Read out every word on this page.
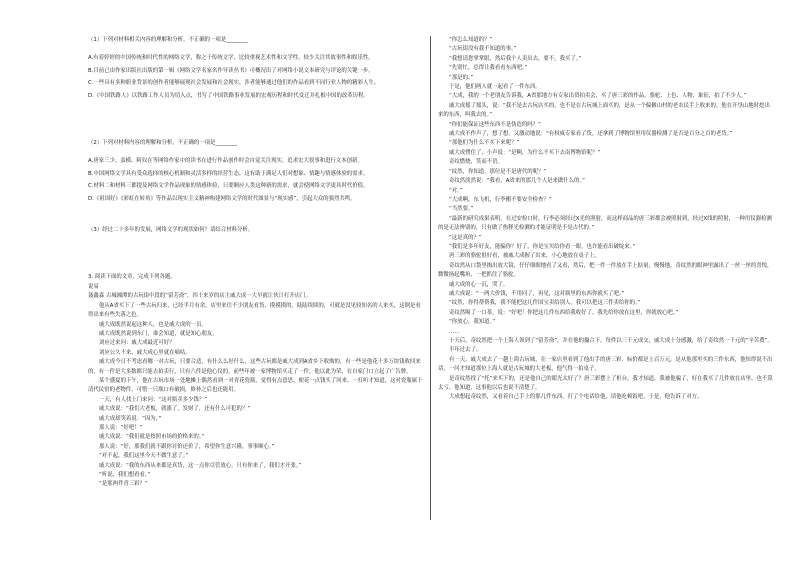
（1）下列对材料相关内容的理解和分析，不正确的一项是________
A.有着婷婷的中国传统和时代性的网络文学，称之于传统文学，比较重视艺术性和文学性，较少关注其故事性和娱乐性。
B.目前已由作家出版社出版的第一辑《网络文学名家名作导读丛书》可概况出了对网络小说文本研究与评论的关键一步。
C.一些具有多种职业背景的创作者能够展现社会发展和社会现实，涉者能够通过他们的作品看到不同行业人物的精彩人生。
D.《中国铁路人》以铁路工作人员为切入点，书写了中国铁路事业发展的宏观历程和时代变迁并扎根中国的改革历程。
（2）下列对材料内容的理解和分析，不正确的一项是________
A.唐家三少、蛮横、阿奴在等网络作家中的读书在进行作品创作时会自觉关注现实，追求宏大叙事和进行文本创新。
B.中国网络文学具有受众选择的核心机制和灵活多样的经营生态，这有助于满足人们对想象、情趣与情感体验的需求。
C.材料二和材料三都提及网络文学作品现象的情感体验，只要顺应人类这种新的需求，就会使网络文学更具时代价值。
D.《祖国好》《彩虹在转角》等作品以现实主义精神构建网络文学的时代图景与“现实感”，引起大众的强烈共鸣。
（3）经过二十多年的发展，网络文学的现状如何？请结合材料分析。
3. 阅读下面的文章，完成下列各题。
说易
聂鑫森 古城湘潭的古玩街中段的“留芳斋”，四十来岁的店主戚大成一大早就让伙计打开店门。
他从A省买下了一些古玩归来，已经半月有余，店里来往不少朋友看货，摸摸摸的，陆陆续续的，可就是没见较知名的人来买，这倒是看得出来有些失落之色。
戚大成既然说起这种人，也是戚大成的一员。
戚大成既然说到东门，谁会知道，就是知心朋友。
刘应过来问：戚大成最近可好？
刘应公久不来，戚大成心里就在嘀咕。
戚大成今日不考虑看哪一对古玩，只要合适，有什么么好什么，这些古玩都是戚大成到A省乡下收购的，有一些是他花十多万块钱收回来的，有一件是大多数都只能去拍卖行，只有六件是他心仪的，前些年被一家博物馆买走了一件，他以此为荣，在自家门口立起了广告牌。
某个盛夏的下午，他在古玩市场一处地摊上偶然看到一对青花瓷瓶，觉得有点意思，便花一点钱买了回来。一打听才知道，这对瓷瓶属于清代民窑的老物件，可惜一只瓶口有破损，修补之后也还能用。
一天，有人找上门来问：“这对瓶卖多少钱？”
戚大成说：“我们大老板，就涨了，发财了，还有什么可犯的？”
戚大成却笑着说：“因为，”
那人说：“好吧！”
戚大成说：“我们就是按照市场的价格来的。”
那人说：“好，那我们就不跟你讨价还价了，希望你生意兴隆，事事顺心。”
“对不起，我们这里今天不做生意了。”
戚大成说：“我的东西从来都是真货，这一点你尽管放心。只有你来了，我们才开张。”
“听说，我们想看看，”
“是那两件青三彩？”
“你怎么知道的？”
“古玩街没有我不知道的事。”
“我想请您掌掌眼，然后我个人卖出去，要不，我买了。”
“先别忙，总得让我看看东西吧。”
“那是的。”
于是，他们两人就一起看了一件东西。
“大成，我的一个老朋友告诉我，A省那地方有专家出资拍卖会，买了唐三彩的作品，骆驼、上色、人物、象征，拍了不少人。”
戚大成摇了摇头，说：“我不是去古玩店买的，也不是在古玩城上面买的，是从一个偏僻山村的老农民手上收来的。他在开垦山地时挖出来的东西，叫我去的。”
“你们能保证这些东西不是伪造的吗？”
戚大成不作声了，想了想，又激动地说：“有权威专家看了货，还拿到了博物馆里用仪器检测了是否是百分之百的老货。”
“那他们为什么不买下来呢？”
戚大成愣住了，小声说：“是啊，为什么不买下去南博物馆呢？”
奇纹燃烧，笑而不语。
“纹然，你知道，那位是不是唐代的呢？”
奇纹然淡然说：“我看，A省来的那几个人是来做什么的。”
“对。”
“大成啊，东飞机，行李搬不要安全检查？”
“当然要。”
“最新的研究成果表明，在过安检口时，行李必须经过X光的照射，而这样商品的唐三彩都会被照射到，经过X线的照射，一种用仪器检测的是无法辨别的，只有做了热释光检测的才能证明是不是古代的。”
“这是真的？”
“我们是多年好友，能骗你？好了，你是宝贝给你看一眼，也许能看出破绽来。”
唐三彩的骆驼很好看，被戚大成握了出来，小心地放在桌子上。
奇纹然从口袋里掏出放大镜，仔仔细细地看了又看，然后，把一件一件放在手上掂量，慢慢地，奇纹然的眼神里露出了一丝一丝的喜悦，微微扬起嘴角，一把抓住了骆驼。
戚大成的心一沉，哭了。
戚大成说：“一两大价钱，不用问了，再见，这对瓶里的东西你就买了吧。”
“纹然，你得帮帮我，我不能把这几件国宝卖给别人，我可以把这三件卖给你的。”
奇纹然喝了一口茶，说：“好吧！你把这几件东西给我收好了，我先给你放在这里，你就放心吧。”
“你放心，我知道。”
……
十天后，奇纹然把一个上海人领到了“留芳斋”，并在他的撮合下，每件以三千元成交，戚大成十分感激，给了奇纹然一千元的“辛苦费”。
半年过去了。
有一天，戚大成去了一趟上海古玩城，在一家店里看到了他出手的唐三彩，标价都是上百万元，是从他那里买的三件东西，他惊得说不出话，一问才知道那位上海人就是古玩城的大老板，他气得一拍桌子。
是奇纹然找了“托”来买下的，还是他自己的眼光太好了？唐三彩摆上了柜台，我才知道，我被他骗了，好在我买了几件放在店里，也不算太亏。他知道，这事他以后也说不清楚了。
大成想起奇纹然，又看着自己手上的那几件东西，打了个电话给他，请他吃顿饭吧，于是，他告诉了对方。
